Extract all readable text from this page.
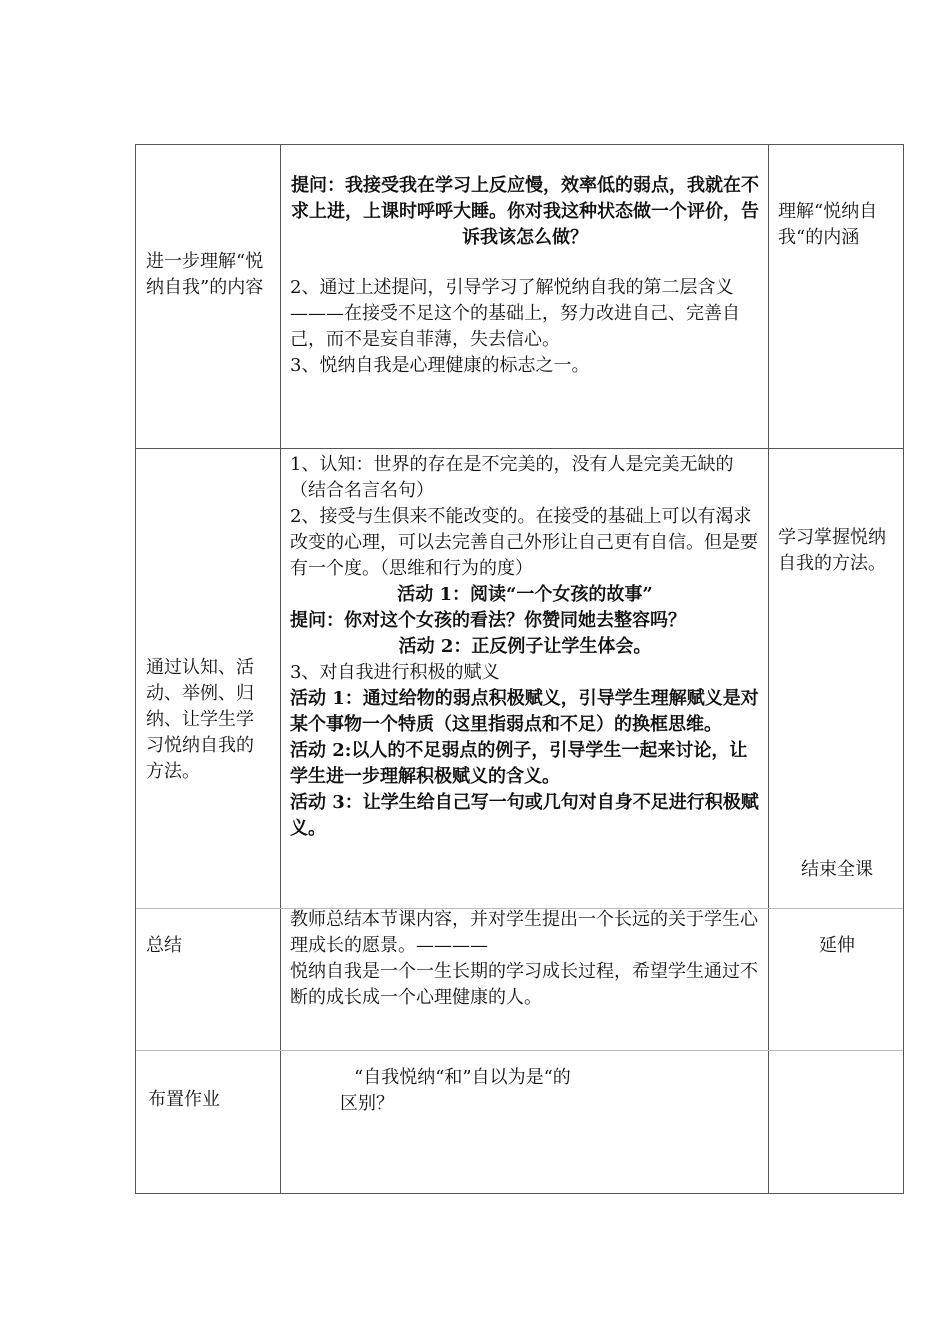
进一步理解“悦纳自我”的内容

提问：我接受我在学习上反应慢，效率低的弱点，我就在不求上进，上课时呼呼大睡。你对我这种状态做一个评价，告诉我该怎么做？

2、通过上述提问，引导学习了解悦纳自我的第二层含义———在接受不足这个的基础上，努力改进自己、完善自己，而不是妄自菲薄，失去信心。

3、悦纳自我是心理健康的标志之一。

理解“悦纳自我“的内涵

通过认知、活动、举例、归纳、让学生学习悦纳自我的方法。

1、认知：世界的存在是不完美的，没有人是完美无缺的（结合名言名句）

2、接受与生俱来不能改变的。在接受的基础上可以有渴求改变的心理，可以去完善自己外形让自己更有自信。但是要有一个度。（思维和行为的度）

活动 1：阅读“一个女孩的故事”

提问：你对这个女孩的看法？你赞同她去整容吗？

活动 2：正反例子让学生体会。

3、对自我进行积极的赋义

活动 1：通过给物的弱点积极赋义，引导学生理解赋义是对某个事物一个特质（这里指弱点和不足）的换框思维。

活动 2:以人的不足弱点的例子，引导学生一起来讨论，让学生进一步理解积极赋义的含义。

活动 3：让学生给自己写一句或几句对自身不足进行积极赋义。

学习掌握悦纳自我的方法。

结束全课

总结

教师总结本节课内容，并对学生提出一个长远的关于学生心理成长的愿景。————

悦纳自我是一个一生长期的学习成长过程，希望学生通过不断的成长成一个心理健康的人。

延伸

布置作业

“自我悦纳“和”自以为是“的

区别？
